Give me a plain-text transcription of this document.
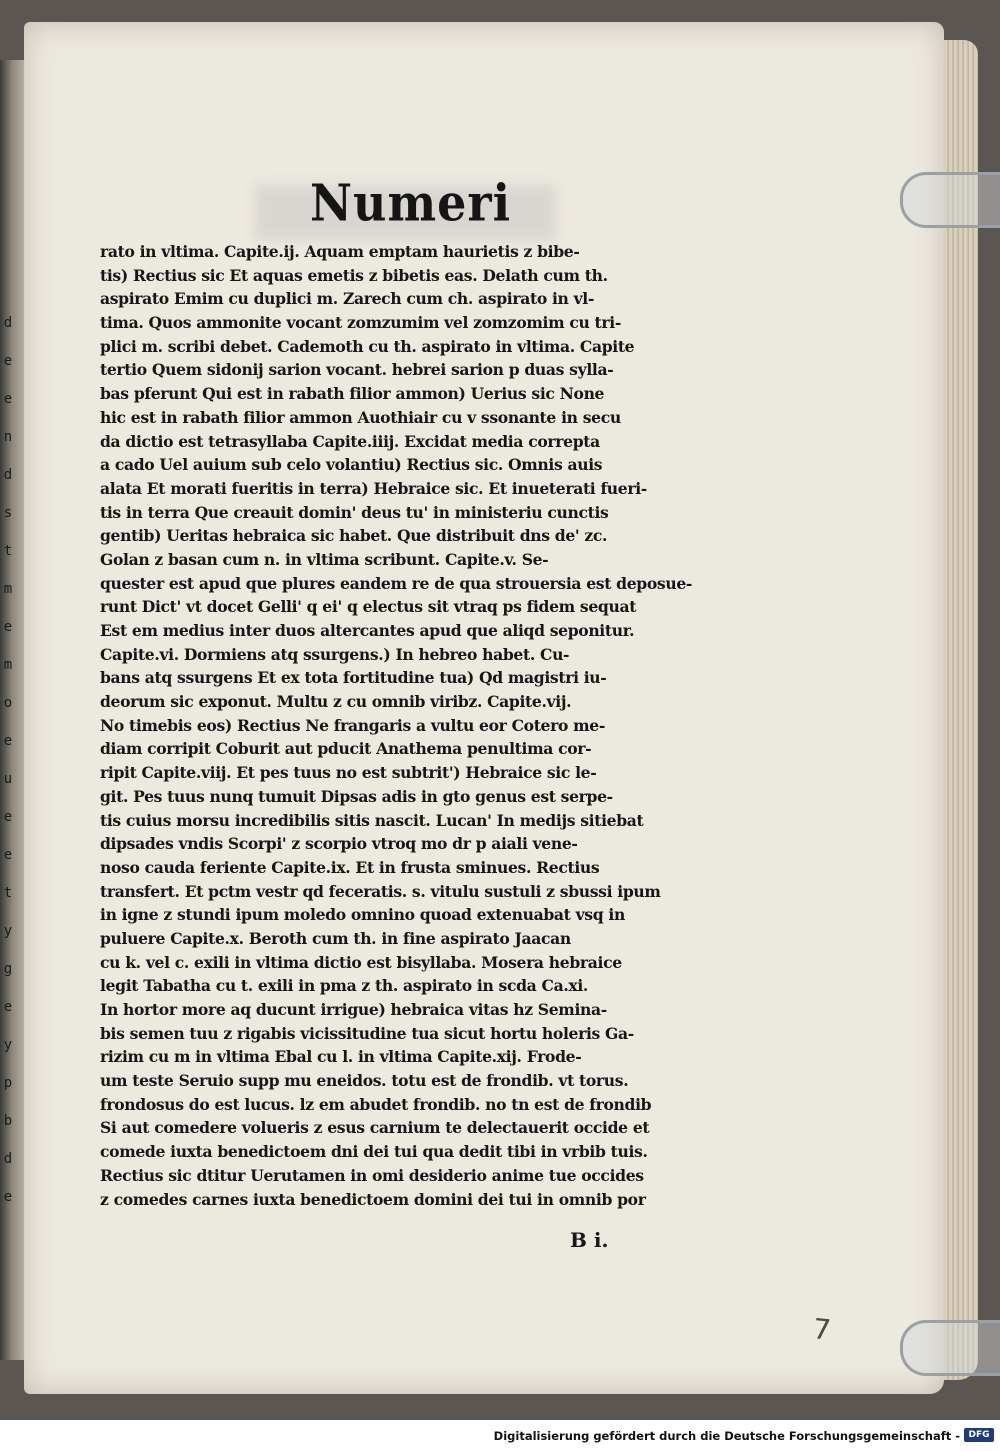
d
e
e
n
d
s
t
m
e
m
o
e
u
e
e
t
y
g
e
y
p
b
d
e
Numeri
rato in vltima. Capite.ij. Aquam emptam haurietis z bibe-
tis) Rectius sic Et aquas emetis z bibetis eas. Delath cum th.
aspirato Emim cu duplici m. Zarech cum ch. aspirato in vl-
tima. Quos ammonite vocant zomzumim vel zomzomim cu tri-
plici m. scribi debet. Cademoth cu th. aspirato in vltima. Capite
tertio Quem sidonij sarion vocant. hebrei sarion p duas sylla-
bas pferunt Qui est in rabath filior ammon) Uerius sic None
hic est in rabath filior ammon Auothiair cu v ssonante in secu
da dictio est tetrasyllaba Capite.iiij. Excidat media correpta
a cado Uel auium sub celo volantiu) Rectius sic. Omnis auis
alata Et morati fueritis in terra) Hebraice sic. Et inueterati fueri-
tis in terra Que creauit domin' deus tu' in ministeriu cunctis
gentib) Ueritas hebraica sic habet. Que distribuit dns de' zc.
Golan z basan cum n. in vltima scribunt. Capite.v. Se-
quester est apud que plures eandem re de qua strouersia est deposue-
runt Dict' vt docet Gelli' q ei' q electus sit vtraq ps fidem sequat
Est em medius inter duos altercantes apud que aliqd seponitur.
Capite.vi. Dormiens atq ssurgens.) In hebreo habet. Cu-
bans atq ssurgens Et ex tota fortitudine tua) Qd magistri iu-
deorum sic exponut. Multu z cu omnib viribz. Capite.vij.
No timebis eos) Rectius Ne frangaris a vultu eor Cotero me-
diam corripit Coburit aut pducit Anathema penultima cor-
ripit Capite.viij. Et pes tuus no est subtrit') Hebraice sic le-
git. Pes tuus nunq tumuit Dipsas adis in gto genus est serpe-
tis cuius morsu incredibilis sitis nascit. Lucan' In medijs sitiebat
dipsades vndis Scorpi' z scorpio vtroq mo dr p aiali vene-
noso cauda feriente Capite.ix. Et in frusta sminues. Rectius
transfert. Et pctm vestr qd feceratis. s. vitulu sustuli z sbussi ipum
in igne z stundi ipum moledo omnino quoad extenuabat vsq in
puluere Capite.x. Beroth cum th. in fine aspirato Jaacan
cu k. vel c. exili in vltima dictio est bisyllaba. Mosera hebraice
legit Tabatha cu t. exili in pma z th. aspirato in scda Ca.xi.
In hortor more aq ducunt irrigue) hebraica vitas hz Semina-
bis semen tuu z rigabis vicissitudine tua sicut hortu holeris Ga-
rizim cu m in vltima Ebal cu l. in vltima Capite.xij. Frode-
um teste Seruio supp mu eneidos. totu est de frondib. vt torus.
frondosus do est lucus. lz em abudet frondib. no tn est de frondib
Si aut comedere volueris z esus carnium te delectauerit occide et
comede iuxta benedictoem dni dei tui qua dedit tibi in vrbib tuis.
Rectius sic dtitur Uerutamen in omi desiderio anime tue occides
z comedes carnes iuxta benedictoem domini dei tui in omnib por
B i.
7
Digitalisierung gefördert durch die Deutsche Forschungsgemeinschaft - DFG
